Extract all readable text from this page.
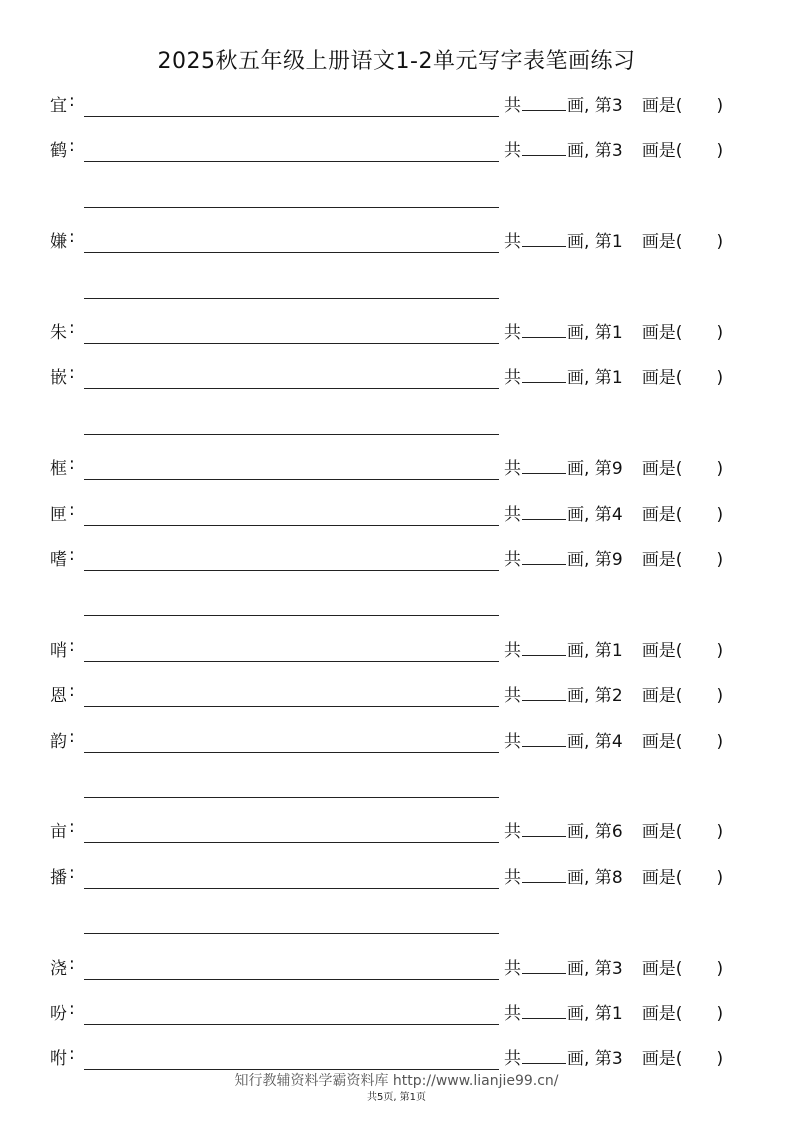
2025秋五年级上册语文1-2单元写字表笔画练习
宜 :	共	画, 第3 画是( )
鹤 :	共	画, 第3 画是( )
嫌 :	共	画, 第1 画是( )
朱 :	共	画, 第1 画是( )
嵌 :	共	画, 第1 画是( )
框 :	共	画, 第9 画是( )
匣 :	共	画, 第4 画是( )
嗜 :	共	画, 第9 画是( )
哨 :	共	画, 第1 画是( )
恩 :	共	画, 第2 画是( )
韵 :	共	画, 第4 画是( )
亩 :	共	画, 第6 画是( )
播 :	共	画, 第8 画是( )
浇 :	共	画, 第3 画是( )
吩 :	共	画, 第1 画是( )
咐 :	共	画, 第3 画是( )
知行教辅资料学霸资料库 http://www.lianjie99.cn/
共5页, 第1页
